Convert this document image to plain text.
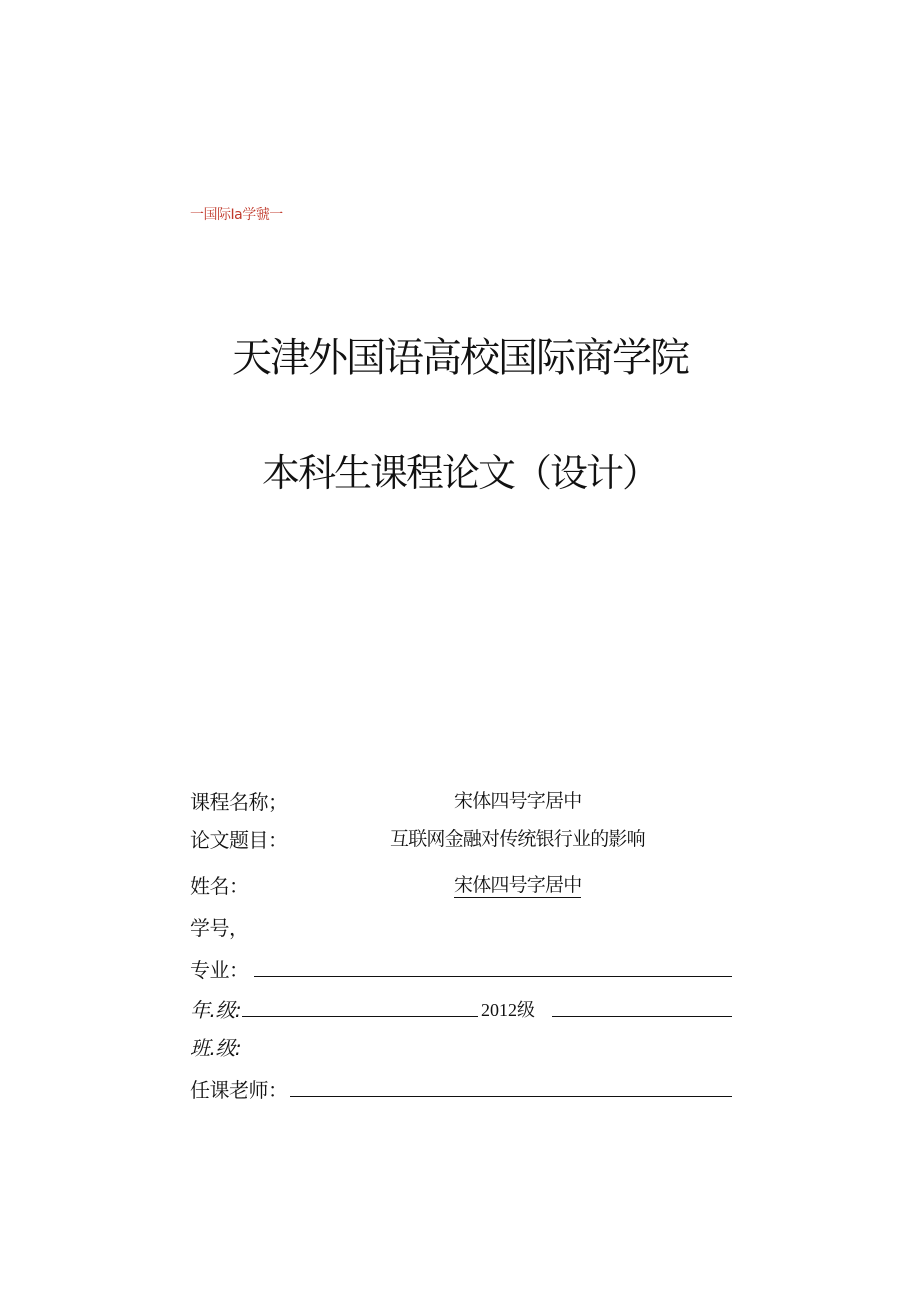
一国际Ia学虢一
天津外国语高校国际商学院
本科生课程论文（设计）
课程名称；	宋体四号字居中
论文题目：	互联网金融对传统银行业的影响
姓名：	宋体四号字居中
学号，
专业：
年.级:	2012级
班.级:
任课老师：
